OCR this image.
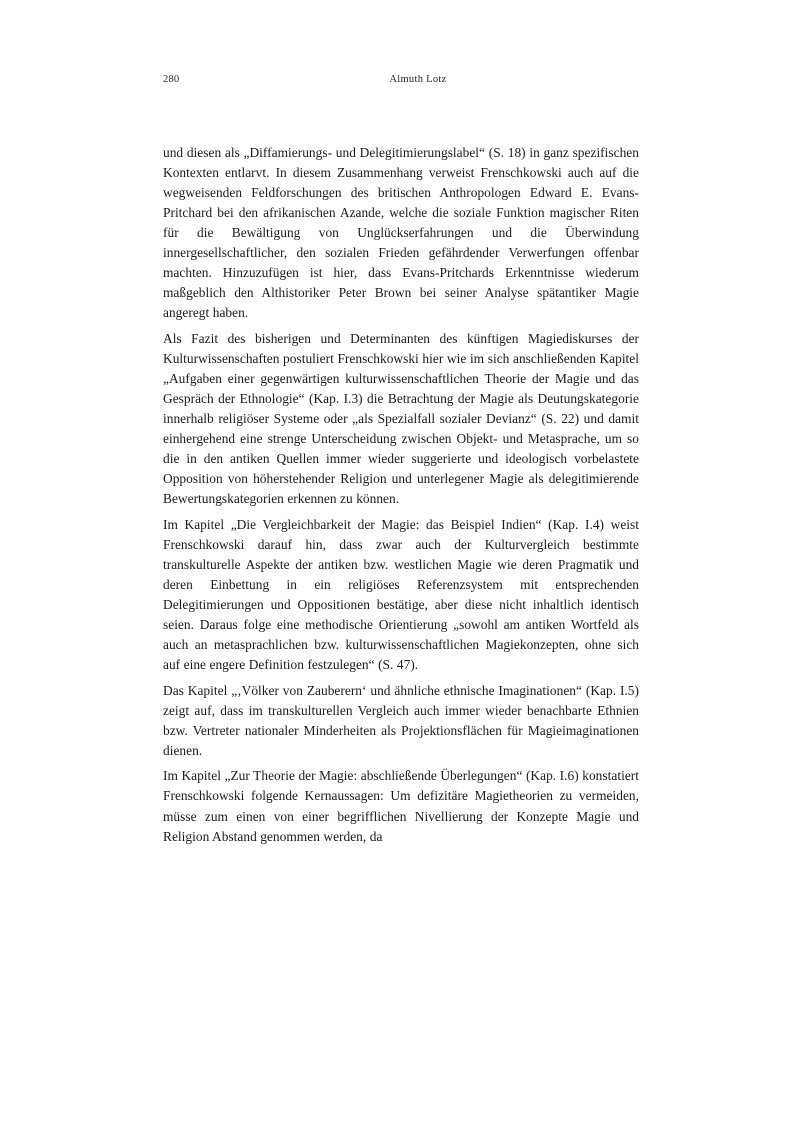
280	Almuth Lotz

und diesen als „Diffamierungs- und Delegitimierungslabel“ (S. 18) in ganz spezifischen Kontexten entlarvt. In diesem Zusammenhang verweist Frenschkowski auch auf die wegweisenden Feldforschungen des britischen Anthropologen Edward E. Evans-Pritchard bei den afrikanischen Azande, welche die soziale Funktion magischer Riten für die Bewältigung von Unglückserfahrungen und die Überwindung innergesellschaftlicher, den sozialen Frieden gefährdender Verwerfungen offenbar machten. Hinzuzufügen ist hier, dass Evans-Pritchards Erkenntnisse wiederum maßgeblich den Althistoriker Peter Brown bei seiner Analyse spätantiker Magie angeregt haben.

Als Fazit des bisherigen und Determinanten des künftigen Magiediskurses der Kulturwissenschaften postuliert Frenschkowski hier wie im sich anschließenden Kapitel „Aufgaben einer gegenwärtigen kulturwissenschaftlichen Theorie der Magie und das Gespräch der Ethnologie“ (Kap. I.3) die Betrachtung der Magie als Deutungskategorie innerhalb religiöser Systeme oder „als Spezialfall sozialer Devianz“ (S. 22) und damit einhergehend eine strenge Unterscheidung zwischen Objekt- und Metasprache, um so die in den antiken Quellen immer wieder suggerierte und ideologisch vorbelastete Opposition von höherstehender Religion und unterlegener Magie als delegitimierende Bewertungskategorien erkennen zu können.

Im Kapitel „Die Vergleichbarkeit der Magie: das Beispiel Indien“ (Kap. I.4) weist Frenschkowski darauf hin, dass zwar auch der Kulturvergleich bestimmte transkulturelle Aspekte der antiken bzw. westlichen Magie wie deren Pragmatik und deren Einbettung in ein religiöses Referenzsystem mit entsprechenden Delegitimierungen und Oppositionen bestätige, aber diese nicht inhaltlich identisch seien. Daraus folge eine methodische Orientierung „sowohl am antiken Wortfeld als auch an metasprachlichen bzw. kulturwissenschaftlichen Magiekonzepten, ohne sich auf eine engere Definition festzulegen“ (S. 47).

Das Kapitel „‚Völker von Zauberern‘ und ähnliche ethnische Imaginationen“ (Kap. I.5) zeigt auf, dass im transkulturellen Vergleich auch immer wieder benachbarte Ethnien bzw. Vertreter nationaler Minderheiten als Projektionsflächen für Magieimaginationen dienen.

Im Kapitel „Zur Theorie der Magie: abschließende Überlegungen“ (Kap. I.6) konstatiert Frenschkowski folgende Kernaussagen: Um defizitäre Magietheorien zu vermeiden, müsse zum einen von einer begrifflichen Nivellierung der Konzepte Magie und Religion Abstand genommen werden, da
